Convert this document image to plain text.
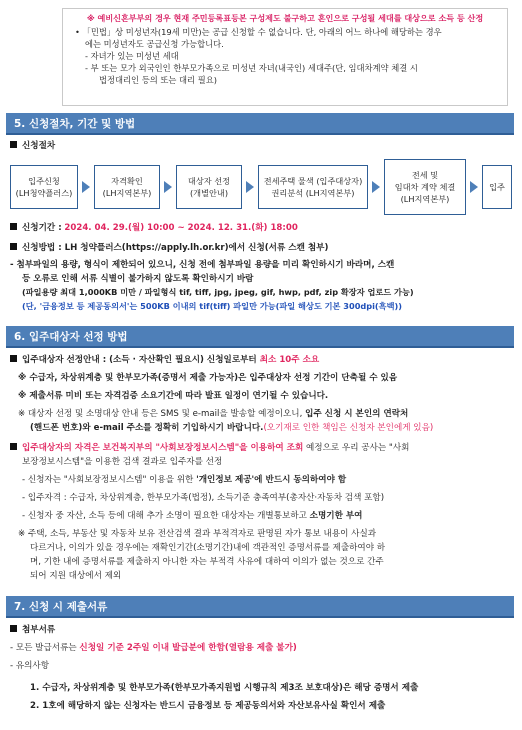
※ 예비신혼부부의 경우 현재 주민등록표등본 구성제도 불구하고 혼인으로 구성될 세대를 대상으로 소득 등 산정
• 「민법」상 미성년자(19세 미만)는 공급 신청할 수 없습니다. 단, 아래의 어느 하나에 해당하는 경우
에는 미성년자도 공급신청 가능합니다.
- 자녀가 있는 미성년 세대
- 부 또는 모가 외국인인 한부모가족으로 미성년 자녀(내국인) 세대주(단, 임대차계약 체결 시
법정대리인 등의 또는 대리 필요)
5. 신청절차, 기간 및 방법
신청절차
입주신청
(LH청약플러스)
자격확인
(LH지역본부)
대상자 선정
(개별안내)
전세주택 물색 (입주대상자)
권리분석 (LH지역본부)
전세 및
임대차 계약 체결
(LH지역본부)
입주
신청기간 : 2024. 04. 29.(월) 10:00 ~ 2024. 12. 31.(화) 18:00
신청방법 : LH 청약플러스(https://apply.lh.or.kr)에서 신청(서류 스캔 첨부)
- 첨부파일의 용량, 형식이 제한되어 있으니, 신청 전에 첨부파일 용량을 미리 확인하시기 바라며, 스캔
등 오류로 인해 서류 식별이 불가하지 않도록 확인하시기 바람
(파일용량 최대 1,000KB 미만 / 파일형식 tif, tiff, jpg, jpeg, gif, hwp, pdf, zip 확장자 업로드 가능)
(단, '금융정보 등 제공동의서'는 500KB 이내의 tif(tiff) 파일만 가능(파일 해상도 기본 300dpi(흑백))
6. 입주대상자 선정 방법
입주대상자 선정안내 : (소득 · 자산확인 필요시) 신청일로부터 최소 10주 소요
※ 수급자, 차상위계층 및 한부모가족(증명서 제출 가능자)은 입주대상자 선정 기간이 단축될 수 있음
※ 제출서류 미비 또는 자격검증 소요기간에 따라 발표 일정이 연기될 수 있습니다.
※ 대상자 선정 및 소명대상 안내 등은 SMS 및 e-mail을 발송할 예정이오니, 입주 신청 시 본인의 연락처
(핸드폰 번호)와 e-mail 주소를 정확히 기입하시기 바랍니다.(오기재로 인한 책임은 신청자 본인에게 있음)
입주대상자의 자격은 보건복지부의 "사회보장정보시스템"을 이용하여 조회 예정으로 우리 공사는 "사회
보장정보시스템"을 이용한 검색 결과로 입주자를 선정
- 신청자는 "사회보장정보시스템" 이용을 위한 '개인정보 제공'에 반드시 동의하여야 함
- 입주자격 : 수급자, 차상위계층, 한부모가족(법정), 소득기준 충족여부(총자산·자동차 검색 포함)
- 신청자 중 자산, 소득 등에 대해 추가 소명이 필요한 대상자는 개별통보하고 소명기한 부여
※ 주택, 소득, 부동산 및 자동차 보유 전산검색 결과 부적격자로 판명된 자가 통보 내용이 사실과
다르거나, 이의가 있을 경우에는 재확인기간(소명기간)내에 객관적인 증명서류를 제출하여야 하
며, 기한 내에 증명서류를 제출하지 아니한 자는 부적격 사유에 대하여 이의가 없는 것으로 간주
되어 지원 대상에서 제외
7. 신청 시 제출서류
첨부서류
- 모든 발급서류는 신청일 기준 2주일 이내 발급분에 한함(열람용 제출 불가)
- 유의사항
1. 수급자, 차상위계층 및 한부모가족(한부모가족지원법 시행규칙 제3조 보호대상)은 해당 증명서 제출
2. 1호에 해당하지 않는 신청자는 반드시 금융정보 등 제공동의서와 자산보유사실 확인서 제출
